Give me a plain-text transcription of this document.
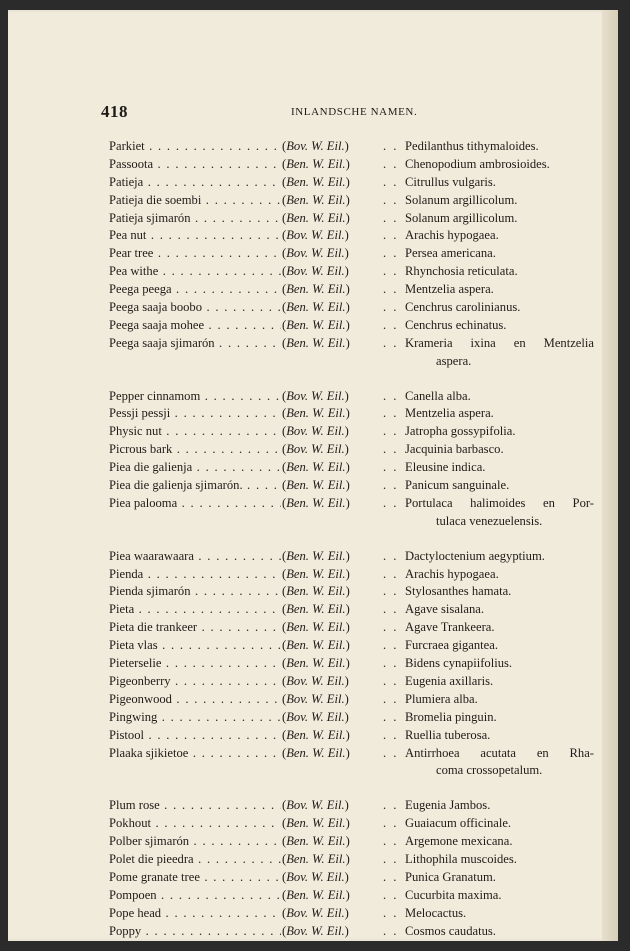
418	INLANDSCHE NAMEN.
Parkiet . . .	(Bov. W. Eil.)	. . Pedilanthus tithymaloides.
Passoota . . .	(Ben. W. Eil.)	. . Chenopodium ambrosioides.
Patieja . . .	(Ben. W. Eil.)	. . Citrullus vulgaris.
Patieja die soembi . . .	(Ben. W. Eil.)	. . Solanum argillicolum.
Patieja sjimarón . . .	(Ben. W. Eil.)	. . Solanum argillicolum.
Pea nut . . .	(Bov. W. Eil.)	. . Arachis hypogaea.
Pear tree . . .	(Bov. W. Eil.)	. . Persea americana.
Pea withe . . .	(Bov. W. Eil.)	. . Rhynchosia reticulata.
Peega peega . . .	(Ben. W. Eil.)	. . Mentzelia aspera.
Peega saaja boobo . . .	(Ben. W. Eil.)	. . Cenchrus carolinianus.
Peega saaja mohee . . .	(Ben. W. Eil.)	. . Cenchrus echinatus.
Peega saaja sjimarón . . .	(Ben. W. Eil.)	. . Krameria ixina en Mentzelia
aspera.
Pepper cinnamom . . .	(Bov. W. Eil.)	. . Canella alba.
Pessji pessji . . .	(Ben. W. Eil.)	. . Mentzelia aspera.
Physic nut . . .	(Bov. W. Eil.)	. . Jatropha gossypifolia.
Picrous bark . . .	(Bov. W. Eil.)	. . Jacquinia barbasco.
Piea die galienja . . .	(Ben. W. Eil.)	. . Eleusine indica.
Piea die galienja sjimarón. . . .	(Ben. W. Eil.)	. . Panicum sanguinale.
Piea palooma . . .	(Ben. W. Eil.)	. . Portulaca halimoides en Por-
tulaca venezuelensis.
Piea waarawaara . . .	(Ben. W. Eil.)	. . Dactyloctenium aegyptium.
Pienda . . .	(Ben. W. Eil.)	. . Arachis hypogaea.
Pienda sjimarón . . .	(Ben. W. Eil.)	. . Stylosanthes hamata.
Pieta . . .	(Ben. W. Eil.)	. . Agave sisalana.
Pieta die trankeer . . .	(Ben. W. Eil.)	. . Agave Trankeera.
Pieta vlas . . .	(Ben. W. Eil.)	. . Furcraea gigantea.
Pieterselie . . .	(Ben. W. Eil.)	. . Bidens cynapiifolius.
Pigeonberry . . .	(Bov. W. Eil.)	. . Eugenia axillaris.
Pigeonwood . . .	(Bov. W. Eil.)	. . Plumiera alba.
Pingwing . . .	(Bov. W. Eil.)	. . Bromelia pinguin.
Pistool . . .	(Ben. W. Eil.)	. . Ruellia tuberosa.
Plaaka sjikietoe . . .	(Ben. W. Eil.)	. . Antirrhoea acutata en Rha-
coma crossopetalum.
Plum rose . . .	(Bov. W. Eil.)	. . Eugenia Jambos.
Pokhout . . .	(Ben. W. Eil.)	. . Guaiacum officinale.
Polber sjimarón . . .	(Ben. W. Eil.)	. . Argemone mexicana.
Polet die pieedra . . .	(Ben. W. Eil.)	. . Lithophila muscoides.
Pome granate tree . . .	(Bov. W. Eil.)	. . Punica Granatum.
Pompoen . . .	(Ben. W. Eil.)	. . Cucurbita maxima.
Pope head . . .	(Bov. W. Eil.)	. . Melocactus.
Poppy . . .	(Bov. W. Eil.)	. . Cosmos caudatus.
